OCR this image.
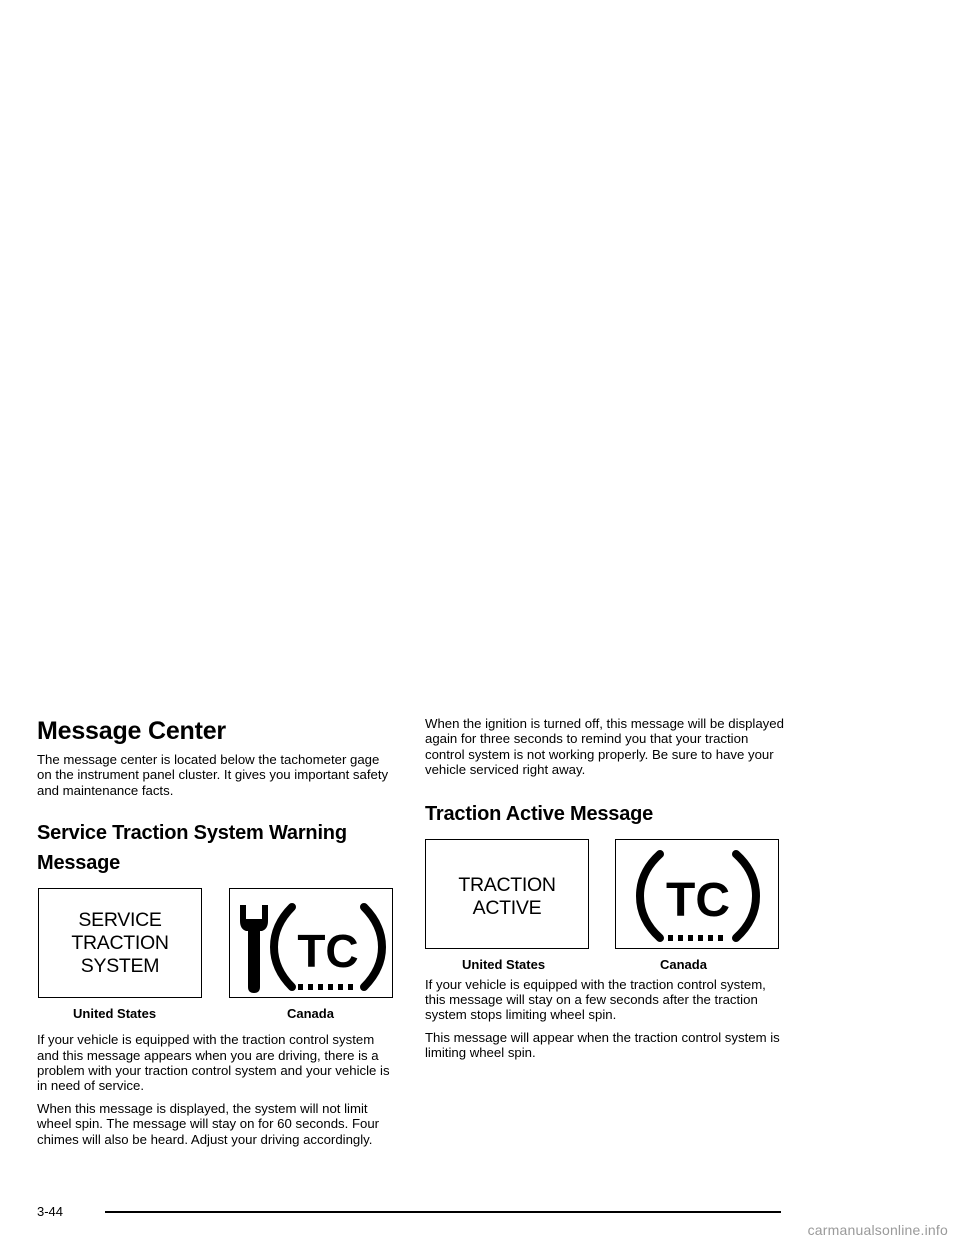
Message Center

The message center is located below the tachometer gage on the instrument panel cluster. It gives you important safety and maintenance facts.

Service Traction System Warning Message
SERVICE
TRACTION
SYSTEM	TC
United States	Canada

If your vehicle is equipped with the traction control system and this message appears when you are driving, there is a problem with your traction control system and your vehicle is in need of service.

When this message is displayed, the system will not limit wheel spin. The message will stay on for 60 seconds. Four chimes will also be heard. Adjust your driving accordingly.

When the ignition is turned off, this message will be displayed again for three seconds to remind you that your traction control system is not working properly. Be sure to have your vehicle serviced right away.

Traction Active Message
TRACTION
ACTIVE	TC
United States	Canada

If your vehicle is equipped with the traction control system, this message will stay on a few seconds after the traction system stops limiting wheel spin.

This message will appear when the traction control system is limiting wheel spin.

3-44
carmanualsonline.info
